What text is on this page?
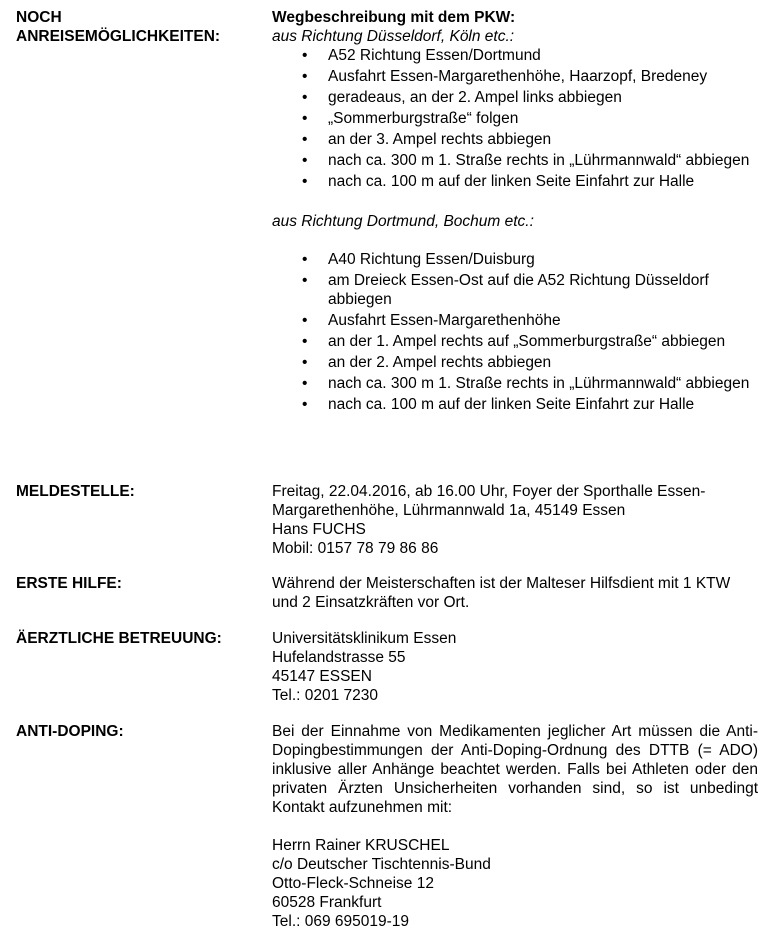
NOCH
ANREISEMÖGLICHKEITEN:
Wegbeschreibung mit dem PKW:
aus Richtung Düsseldorf, Köln etc.:
• A52 Richtung Essen/Dortmund
• Ausfahrt Essen-Margarethenhöhe, Haarzopf, Bredeney
• geradeaus, an der 2. Ampel links abbiegen
• „Sommerburgstraße“ folgen
• an der 3. Ampel rechts abbiegen
• nach ca. 300 m 1. Straße rechts in „Lührmannwald“ abbiegen
• nach ca. 100 m auf der linken Seite Einfahrt zur Halle
aus Richtung Dortmund, Bochum etc.:
• A40 Richtung Essen/Duisburg
• am Dreieck Essen-Ost auf die A52 Richtung Düsseldorf abbiegen
• Ausfahrt Essen-Margarethenhöhe
• an der 1. Ampel rechts auf „Sommerburgstraße“ abbiegen
• an der 2. Ampel rechts abbiegen
• nach ca. 300 m 1. Straße rechts in „Lührmannwald“ abbiegen
• nach ca. 100 m auf der linken Seite Einfahrt zur Halle
MELDESTELLE:	Freitag, 22.04.2016, ab 16.00 Uhr, Foyer der Sporthalle Essen-Margarethenhöhe, Lührmannwald 1a, 45149 Essen
Hans FUCHS
Mobil: 0157 78 79 86 86
ERSTE HILFE:	Während der Meisterschaften ist der Malteser Hilfsdient mit 1 KTW und 2 Einsatzkräften vor Ort.
ÄERZTLICHE BETREUUNG:	Universitätsklinikum Essen
Hufelandstrasse 55
45147 ESSEN
Tel.: 0201 7230
ANTI-DOPING:	Bei der Einnahme von Medikamenten jeglicher Art müssen die Anti-Dopingbestimmungen der Anti-Doping-Ordnung des DTTB (= ADO) inklusive aller Anhänge beachtet werden. Falls bei Athleten oder den privaten Ärzten Unsicherheiten vorhanden sind, so ist unbedingt Kontakt aufzunehmen mit:
Herrn Rainer KRUSCHEL
c/o Deutscher Tischtennis-Bund
Otto-Fleck-Schneise 12
60528 Frankfurt
Tel.: 069 695019-19
